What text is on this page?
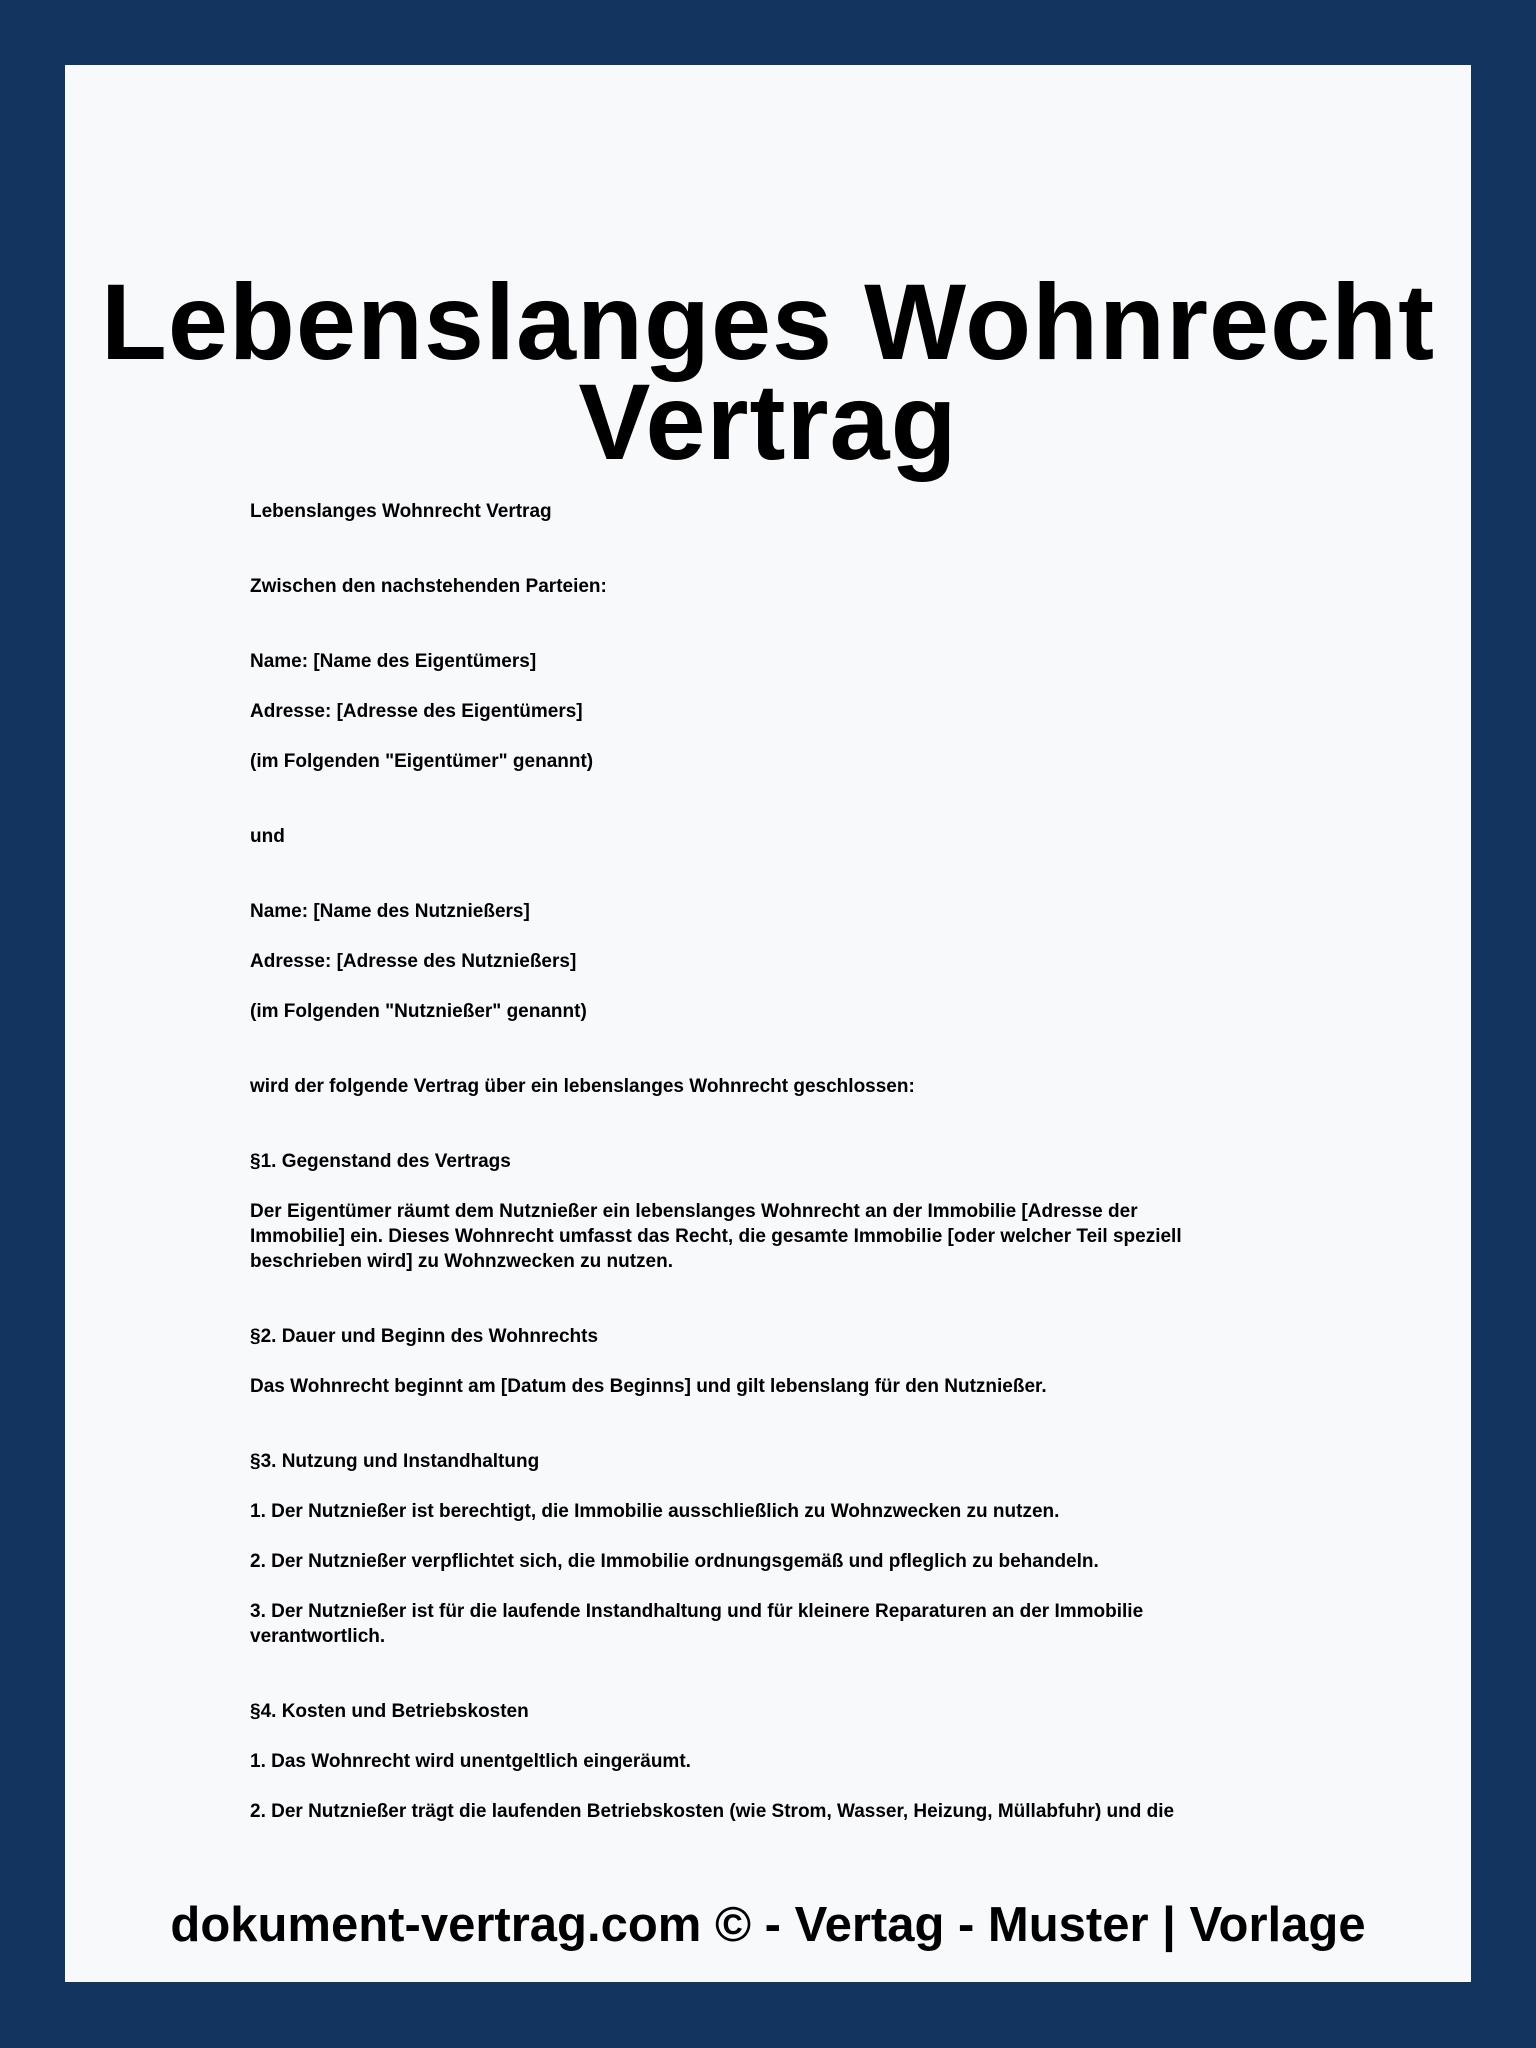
Lebenslanges Wohnrecht
Vertrag

Lebenslanges Wohnrecht Vertrag

Zwischen den nachstehenden Parteien:

Name: [Name des Eigentümers]

Adresse: [Adresse des Eigentümers]

(im Folgenden "Eigentümer" genannt)

und

Name: [Name des Nutznießers]

Adresse: [Adresse des Nutznießers]

(im Folgenden "Nutznießer" genannt)

wird der folgende Vertrag über ein lebenslanges Wohnrecht geschlossen:

§1. Gegenstand des Vertrags

Der Eigentümer räumt dem Nutznießer ein lebenslanges Wohnrecht an der Immobilie [Adresse der
Immobilie] ein. Dieses Wohnrecht umfasst das Recht, die gesamte Immobilie [oder welcher Teil speziell
beschrieben wird] zu Wohnzwecken zu nutzen.

§2. Dauer und Beginn des Wohnrechts

Das Wohnrecht beginnt am [Datum des Beginns] und gilt lebenslang für den Nutznießer.

§3. Nutzung und Instandhaltung

1. Der Nutznießer ist berechtigt, die Immobilie ausschließlich zu Wohnzwecken zu nutzen.

2. Der Nutznießer verpflichtet sich, die Immobilie ordnungsgemäß und pfleglich zu behandeln.

3. Der Nutznießer ist für die laufende Instandhaltung und für kleinere Reparaturen an der Immobilie
verantwortlich.

§4. Kosten und Betriebskosten

1. Das Wohnrecht wird unentgeltlich eingeräumt.

2. Der Nutznießer trägt die laufenden Betriebskosten (wie Strom, Wasser, Heizung, Müllabfuhr) und die

dokument-vertrag.com © - Vertag - Muster | Vorlage
